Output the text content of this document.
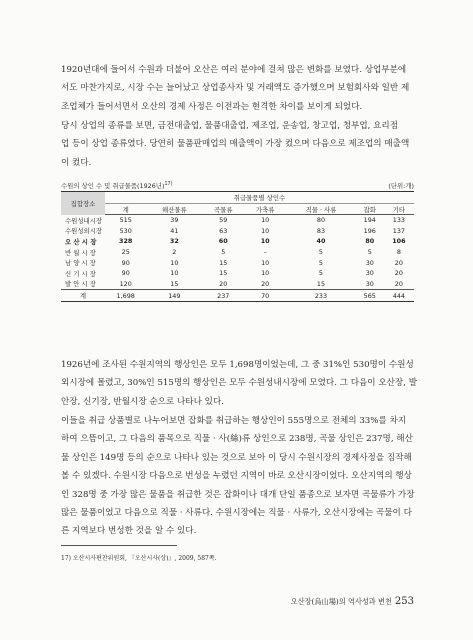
1920년대에 들어서 수원과 더불어 오산은 여러 분야에 걸쳐 많은 변화를 보였다. 상업부분에
서도 마찬가지로, 시장 수는 늘어났고 상업종사자 및 거래액도 증가했으며 보험회사와 일반 제
조업체가 들어서면서 오산의 경제 사정은 이전과는 현격한 차이를 보이게 되었다.
당시 상업의 종류를 보면, 금전대출업, 물품대출업, 제조업, 운송업, 창고업, 청부업, 요리점
업 등이 상업 종류였다. 당연히 물품판매업의 매출액이 가장 컸으며 다음으로 제조업의 매출액
이 컸다.
수원의 상인 수 및 취급물품(1926년)$^{17)}$	(단위:개)
집합장소	취급물품별 상인수						
	계	해산물류	곡물류	가축류	직물 · 사류	잡화	기타
수원성내시장	515	39	59	10	80	194	133
수원성외시장	530	41	63	10	83	196	137
오 산 시 장	328	32	60	10	40	80	106
반 월 시 장	25	2	5	–	5	5	8
남 양 시 장	90	10	15	10	5	30	20
신 기 시 장	90	10	15	10	5	30	20
발 안 시 장	120	15	20	20	15	30	20
계	1,698	149	237	70	233	565	444
1926년에 조사된 수원지역의 행상인은 모두 1,698명이었는데, 그 중 31%인 530명이 수원성
외시장에 몰렸고, 30%인 515명의 행상인은 모두 수원성내시장에 모였다. 그 다음이 오산장, 발
안장, 신기장, 반월시장 순으로 나타나 있다.
이들을 취급 상품별로 나누어보면 잡화를 취급하는 행상인이 555명으로 전체의 33%를 차지
하여 으뜸이고, 그 다음의 품목으로 직물 · 사(絲)류 상인으로 238명, 곡물 상인은 237명, 해산
물 상인은 149명 등의 순으로 나타나 있는 것으로 보아 이 당시 수원시장의 경제사정을 짐작해
볼 수 있겠다. 수원시장 다음으로 번성을 누렸던 지역이 바로 오산시장이었다. 오산지역의 행상
인 328명 중 가장 많은 물품을 취급한 것은 잡화이나 대개 단일 품종으로 보자면 곡물류가 가장
많은 물품이었고 다음으로 직물 · 사류다. 수원시장에는 직물 · 사류가, 오산시장에는 곡물이 다
른 지역보다 번성한 것을 알 수 있다.
17) 오산시사편찬위원회, 『오산시사(상)』, 2009, 587쪽.
오산장(烏山場)의 역사성과 변천 253
